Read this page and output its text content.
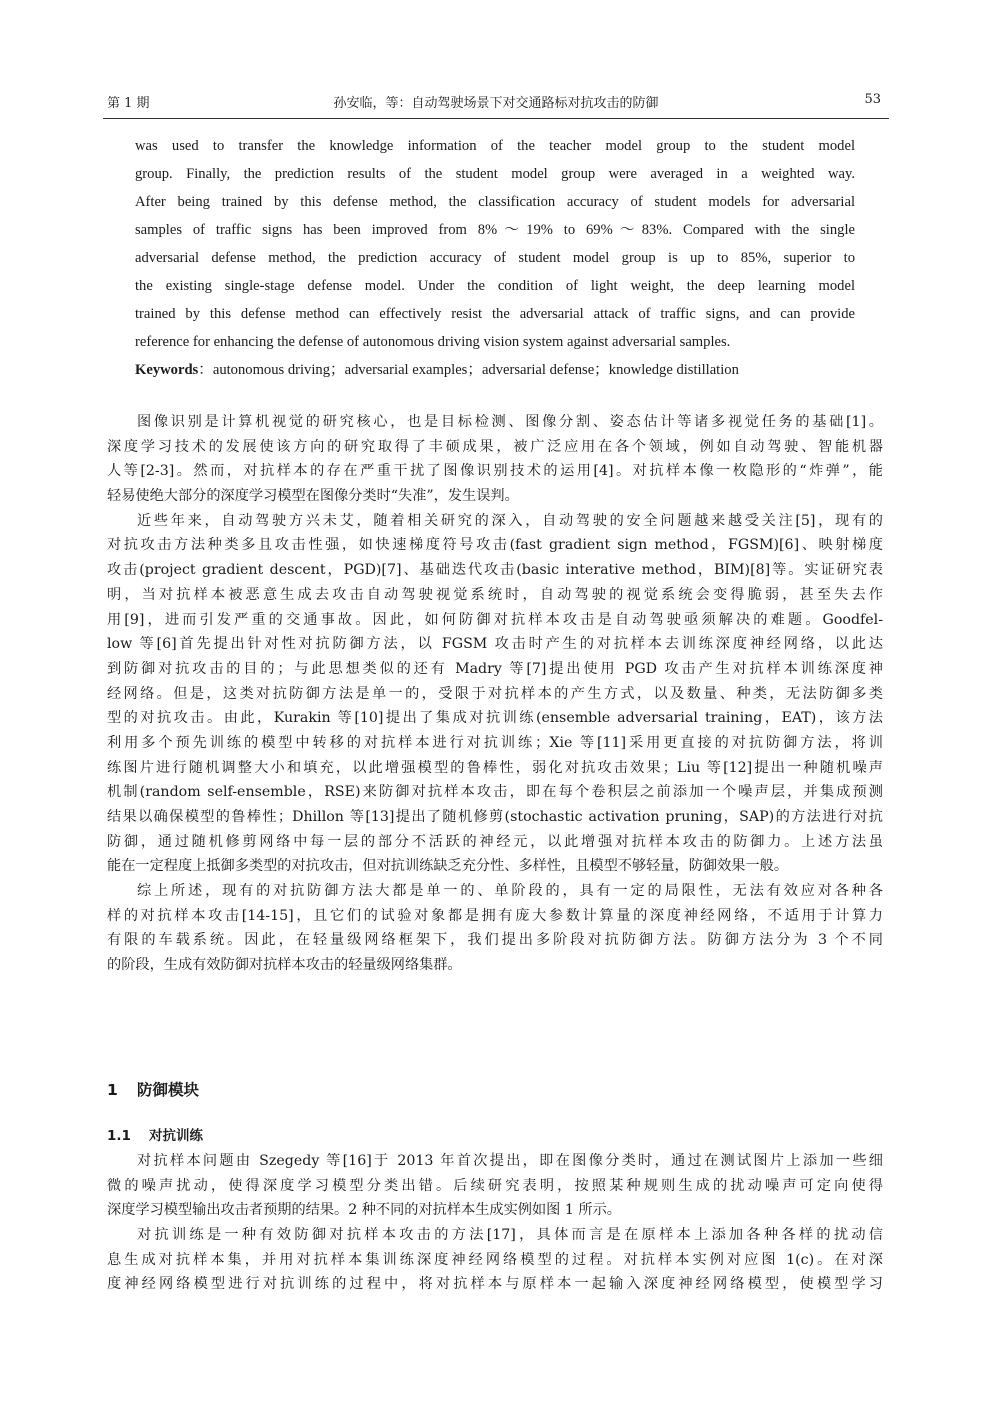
第 1 期	孙安临，等：自动驾驶场景下对交通路标对抗攻击的防御	53
was used to transfer the knowledge information of the teacher model group to the student model
group. Finally, the prediction results of the student model group were averaged in a weighted way.
After being trained by this defense method, the classification accuracy of student models for adversarial
samples of traffic signs has been improved from 8%～19% to 69%～83%. Compared with the single
adversarial defense method, the prediction accuracy of student model group is up to 85%, superior to
the existing single-stage defense model. Under the condition of light weight, the deep learning model
trained by this defense method can effectively resist the adversarial attack of traffic signs, and can provide
reference for enhancing the defense of autonomous driving vision system against adversarial samples.
Keywords：autonomous driving；adversarial examples；adversarial defense；knowledge distillation
图像识别是计算机视觉的研究核心，也是目标检测、图像分割、姿态估计等诸多视觉任务的基础[1]。
深度学习技术的发展使该方向的研究取得了丰硕成果，被广泛应用在各个领域，例如自动驾驶、智能机器
人等[2-3]。然而，对抗样本的存在严重干扰了图像识别技术的运用[4]。对抗样本像一枚隐形的“炸弹”，能
轻易使绝大部分的深度学习模型在图像分类时“失准”，发生误判。
近些年来，自动驾驶方兴未艾，随着相关研究的深入，自动驾驶的安全问题越来越受关注[5]，现有的
对抗攻击方法种类多且攻击性强，如快速梯度符号攻击(fast gradient sign method，FGSM)[6]、映射梯度
攻击(project gradient descent，PGD)[7]、基础迭代攻击(basic interative method，BIM)[8]等。实证研究表
明，当对抗样本被恶意生成去攻击自动驾驶视觉系统时，自动驾驶的视觉系统会变得脆弱，甚至失去作
用[9]，进而引发严重的交通事故。因此，如何防御对抗样本攻击是自动驾驶亟须解决的难题。Goodfel-
low 等[6]首先提出针对性对抗防御方法，以 FGSM 攻击时产生的对抗样本去训练深度神经网络，以此达
到防御对抗攻击的目的；与此思想类似的还有 Madry 等[7]提出使用 PGD 攻击产生对抗样本训练深度神
经网络。但是，这类对抗防御方法是单一的，受限于对抗样本的产生方式，以及数量、种类，无法防御多类
型的对抗攻击。由此，Kurakin 等[10]提出了集成对抗训练(ensemble adversarial training，EAT)，该方法
利用多个预先训练的模型中转移的对抗样本进行对抗训练；Xie 等[11]采用更直接的对抗防御方法，将训
练图片进行随机调整大小和填充，以此增强模型的鲁棒性，弱化对抗攻击效果；Liu 等[12]提出一种随机噪声
机制(random self-ensemble，RSE)来防御对抗样本攻击，即在每个卷积层之前添加一个噪声层，并集成预测
结果以确保模型的鲁棒性；Dhillon 等[13]提出了随机修剪(stochastic activation pruning，SAP)的方法进行对抗
防御，通过随机修剪网络中每一层的部分不活跃的神经元，以此增强对抗样本攻击的防御力。上述方法虽
能在一定程度上抵御多类型的对抗攻击，但对抗训练缺乏充分性、多样性，且模型不够轻量，防御效果一般。
综上所述，现有的对抗防御方法大都是单一的、单阶段的，具有一定的局限性，无法有效应对各种各
样的对抗样本攻击[14-15]，且它们的试验对象都是拥有庞大参数计算量的深度神经网络，不适用于计算力
有限的车载系统。因此，在轻量级网络框架下，我们提出多阶段对抗防御方法。防御方法分为 3 个不同
的阶段，生成有效防御对抗样本攻击的轻量级网络集群。
1 防御模块
1.1 对抗训练
对抗样本问题由 Szegedy 等[16]于 2013 年首次提出，即在图像分类时，通过在测试图片上添加一些细
微的噪声扰动，使得深度学习模型分类出错。后续研究表明，按照某种规则生成的扰动噪声可定向使得
深度学习模型输出攻击者预期的结果。2 种不同的对抗样本生成实例如图 1 所示。
对抗训练是一种有效防御对抗样本攻击的方法[17]，具体而言是在原样本上添加各种各样的扰动信
息生成对抗样本集，并用对抗样本集训练深度神经网络模型的过程。对抗样本实例对应图 1(c)。在对深
度神经网络模型进行对抗训练的过程中，将对抗样本与原样本一起输入深度神经网络模型，使模型学习
